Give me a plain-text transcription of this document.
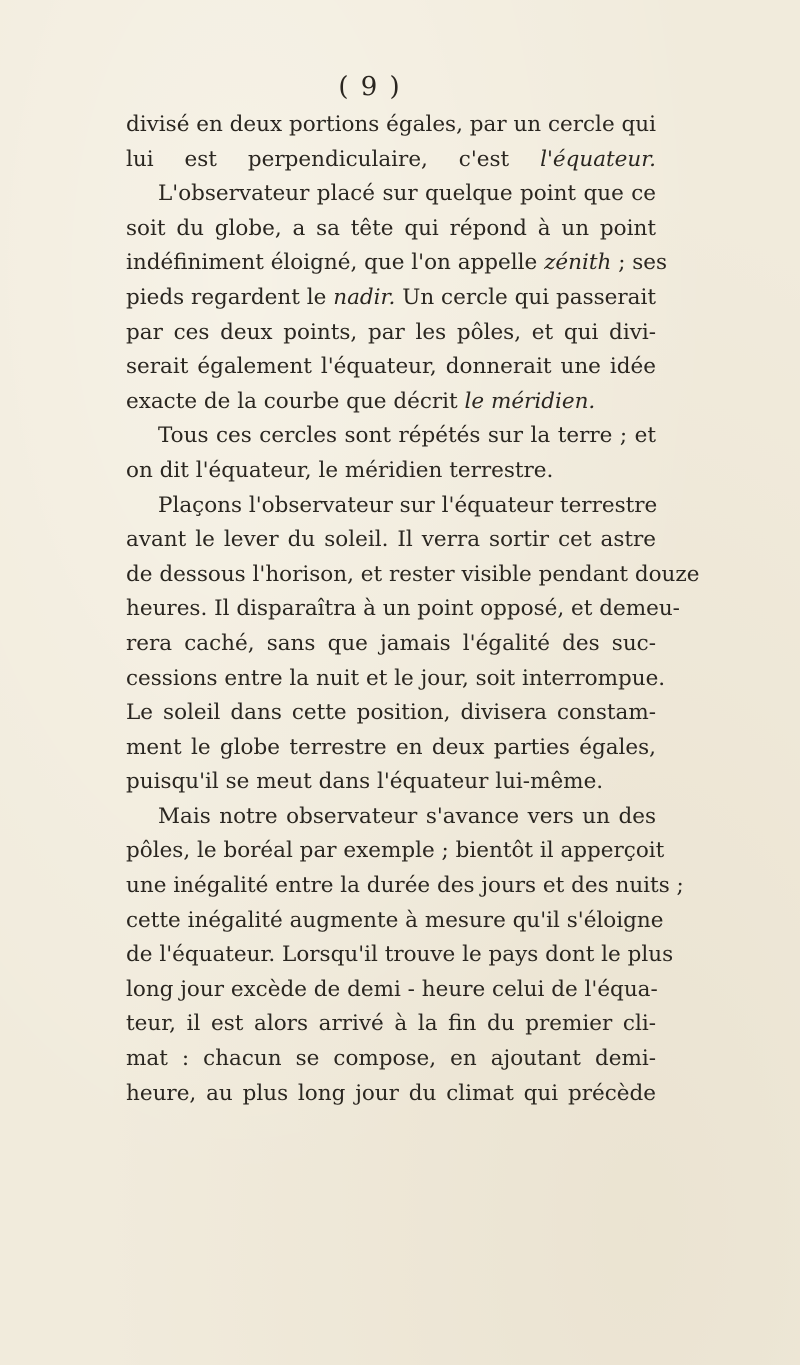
( 9 )
divisé en deux portions égales, par un cercle qui
lui est perpendiculaire, c'est l'équateur.
L'observateur placé sur quelque point que ce
soit du globe, a sa tête qui répond à un point
indéfiniment éloigné, que l'on appelle zénith ; ses
pieds regardent le nadir. Un cercle qui passerait
par ces deux points, par les pôles, et qui divi-
serait également l'équateur, donnerait une idée
exacte de la courbe que décrit le méridien.
Tous ces cercles sont répétés sur la terre ; et
on dit l'équateur, le méridien terrestre.
Plaçons l'observateur sur l'équateur terrestre
avant le lever du soleil. Il verra sortir cet astre
de dessous l'horison, et rester visible pendant douze
heures. Il disparaîtra à un point opposé, et demeu-
rera caché, sans que jamais l'égalité des suc-
cessions entre la nuit et le jour, soit interrompue.
Le soleil dans cette position, divisera constam-
ment le globe terrestre en deux parties égales,
puisqu'il se meut dans l'équateur lui-même.
Mais notre observateur s'avance vers un des
pôles, le boréal par exemple ; bientôt il apperçoit
une inégalité entre la durée des jours et des nuits ;
cette inégalité augmente à mesure qu'il s'éloigne
de l'équateur. Lorsqu'il trouve le pays dont le plus
long jour excède de demi - heure celui de l'équa-
teur, il est alors arrivé à la fin du premier cli-
mat : chacun se compose, en ajoutant demi-
heure, au plus long jour du climat qui précède
